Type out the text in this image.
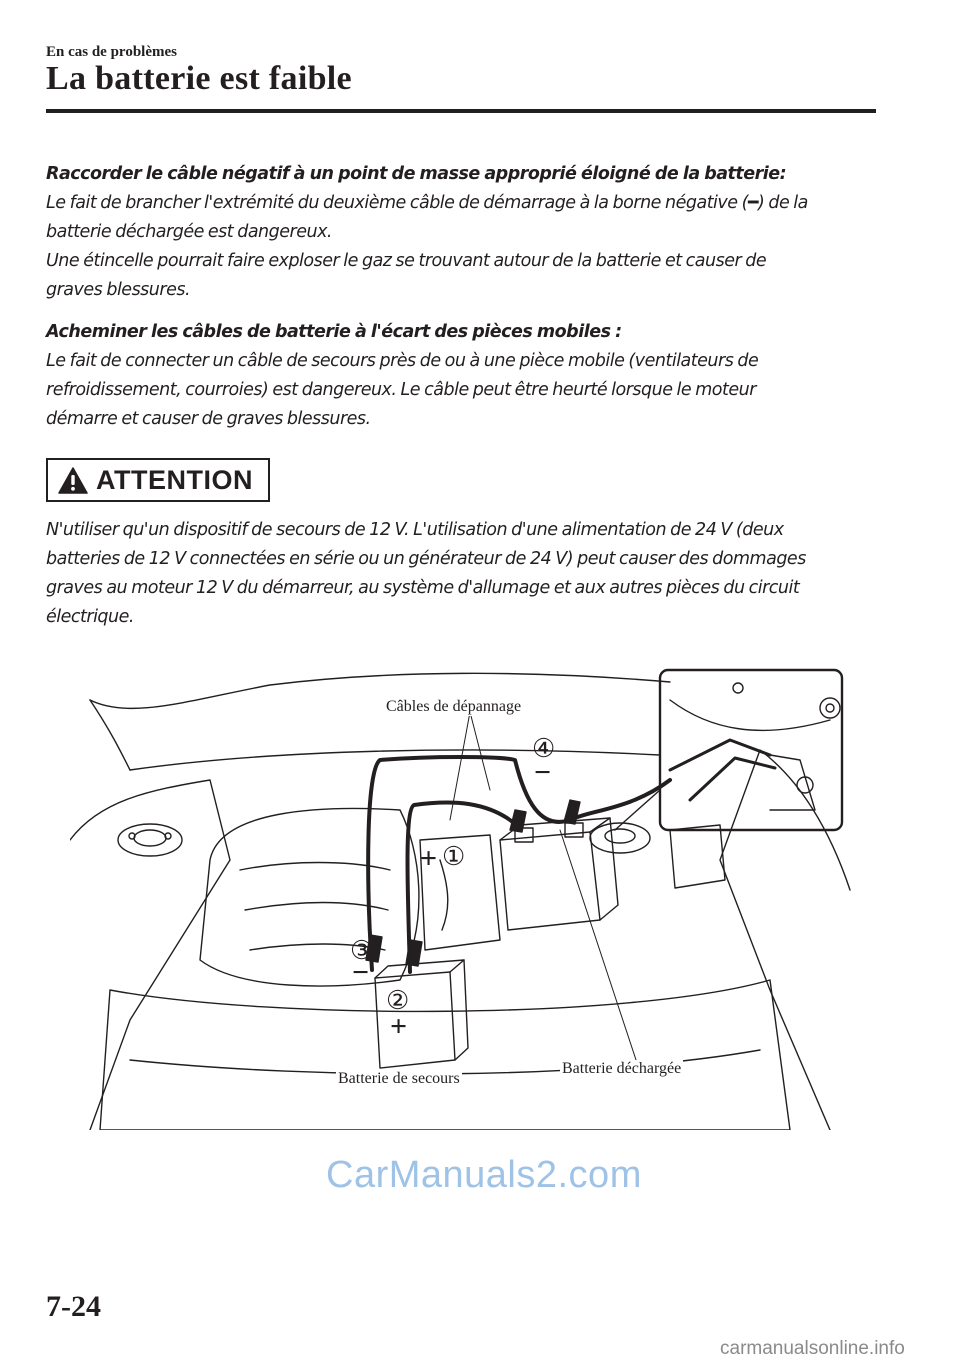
En cas de problèmes
La batterie est faible

Raccorder le câble négatif à un point de masse approprié éloigné de la batterie:

Le fait de brancher l'extrémité du deuxième câble de démarrage à la borne négative (━) de la

batterie déchargée est dangereux.

Une étincelle pourrait faire exploser le gaz se trouvant autour de la batterie et causer de

graves blessures.

Acheminer les câbles de batterie à l'écart des pièces mobiles :

Le fait de connecter un câble de secours près de ou à une pièce mobile (ventilateurs de

refroidissement, courroies) est dangereux. Le câble peut être heurté lorsque le moteur

démarre et causer de graves blessures.

ATTENTION

N'utiliser qu'un dispositif de secours de 12 V. L'utilisation d'une alimentation de 24 V (deux

batteries de 12 V connectées en série ou un générateur de 24 V) peut causer des dommages

graves au moteur 12 V du démarreur, au système d'allumage et aux autres pièces du circuit

électrique.

+ ①
②
+
③
−
④
−
Câbles de dépannage
Batterie de secours
Batterie déchargée
CarManuals2.com
7-24
carmanualsonline.info
